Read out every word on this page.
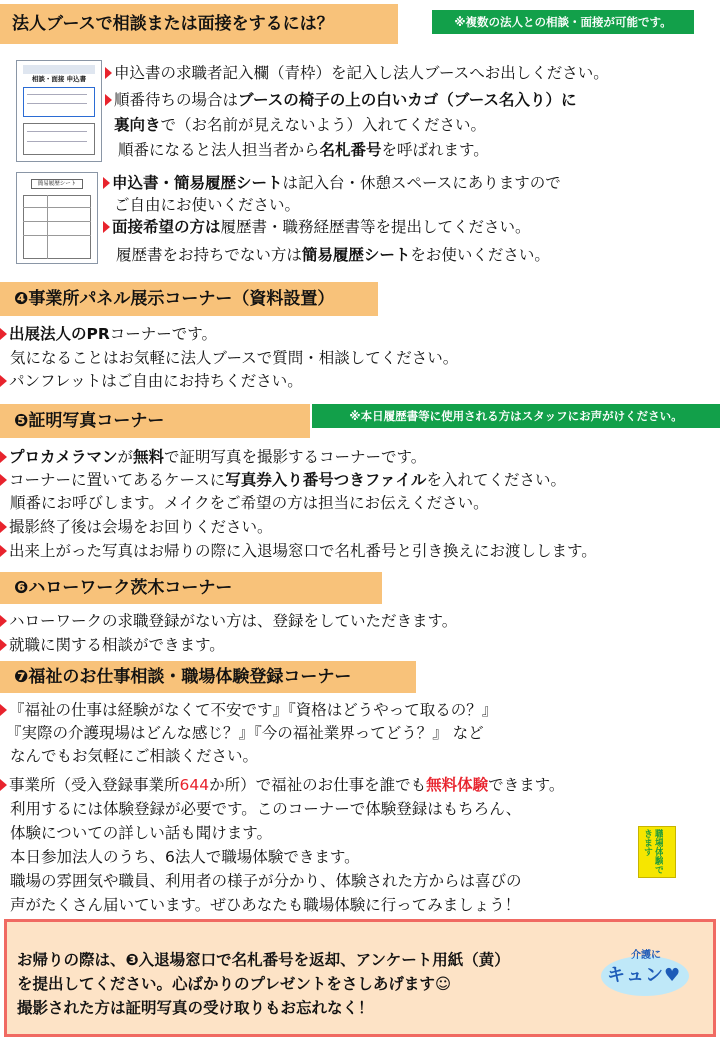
法人ブースで相談または面接をするには？	※複数の法人との相談・面接が可能です。
相談・面接 申込書
簡易履歴シート
申込書の求職者記入欄（青枠）を記入し法人ブースへお出しください。
順番待ちの場合はブースの椅子の上の白いカゴ（ブース名入り）に
裏向きで（お名前が見えないよう）入れてください。
順番になると法人担当者から名札番号を呼ばれます。
申込書・簡易履歴シートは記入台・休憩スペースにありますので
ご自由にお使いください。
面接希望の方は履歴書・職務経歴書等を提出してください。
履歴書をお持ちでない方は簡易履歴シートをお使いください。
❹ 事業所パネル展示コーナー（資料設置）
出展法人のPRコーナーです。
気になることはお気軽に法人ブースで質問・相談してください。
パンフレットはご自由にお持ちください。
❺ 証明写真コーナー	※本日履歴書等に使用される方はスタッフにお声がけください。
プロカメラマンが無料で証明写真を撮影するコーナーです。
コーナーに置いてあるケースに写真券入り番号つきファイルを入れてください。
順番にお呼びします。メイクをご希望の方は担当にお伝えください。
撮影終了後は会場をお回りください。
出来上がった写真はお帰りの際に入退場窓口で名札番号と引き換えにお渡しします。
❻ ハローワーク茨木コーナー
ハローワークの求職登録がない方は、登録をしていただきます。
就職に関する相談ができます。
❼ 福祉のお仕事相談・職場体験登録コーナー
『福祉の仕事は経験がなくて不安です』『資格はどうやって取るの？』
『実際の介護現場はどんな感じ？』『今の福祉業界ってどう？』 など
なんでもお気軽にご相談ください。
事業所（受入登録事業所644か所）で福祉のお仕事を誰でも無料体験できます。
利用するには体験登録が必要です。このコーナーで体験登録はもちろん、
体験についての詳しい話も聞けます。
本日参加法人のうち、6法人で職場体験できます。
職場の雰囲気や職員、利用者の様子が分かり、体験された方からは喜びの
声がたくさん届いています。ぜひあなたも職場体験に行ってみましょう！
職場体験できます
お帰りの際は、❸入退場窓口で名札番号を返却、アンケート用紙（黄）
を提出してください。心ばかりのプレゼントをさしあげます☺
撮影された方は証明写真の受け取りもお忘れなく！
介護に
キュン♥
